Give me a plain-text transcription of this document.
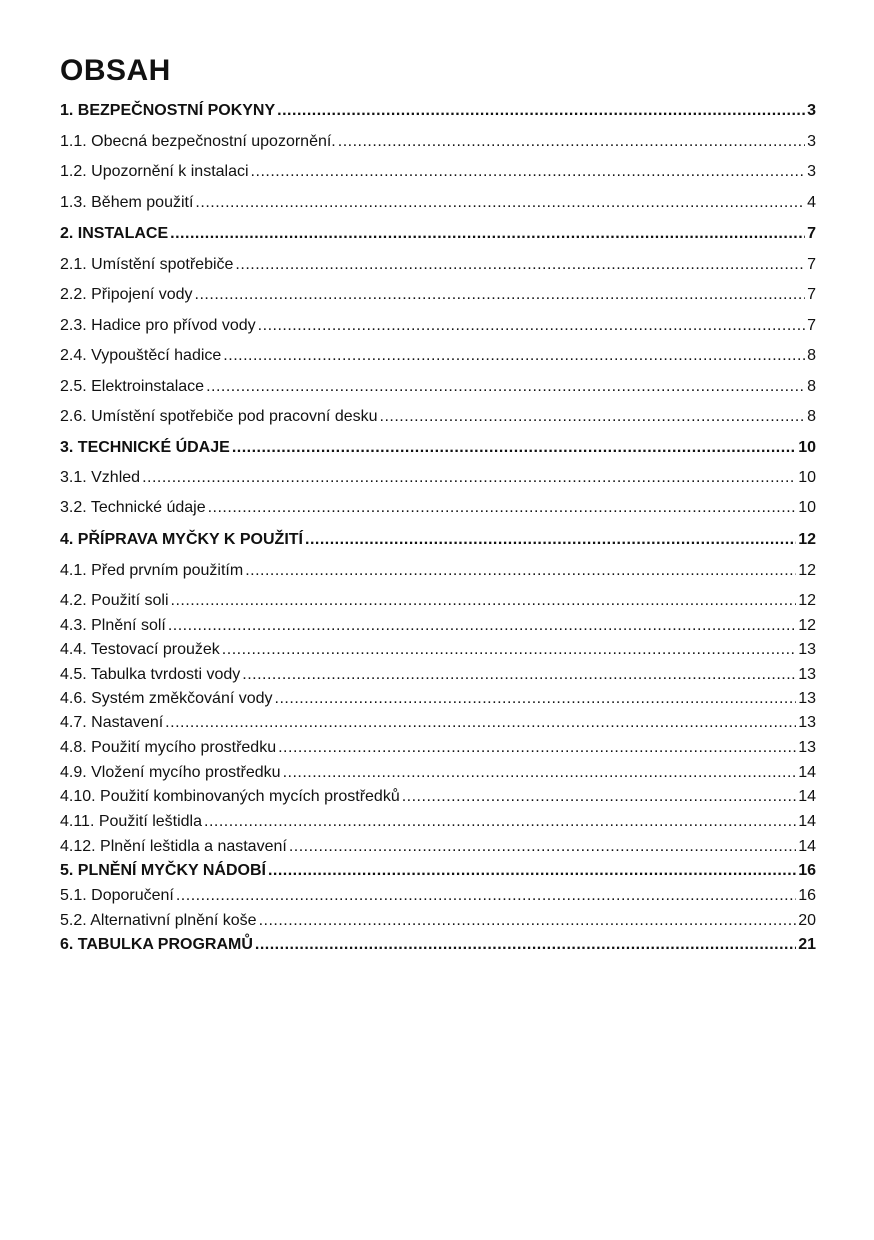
OBSAH
1. BEZPEČNOSTNÍ POKYNY .....	3
1.1. Obecná bezpečnostní upozornění. .....	3
1.2. Upozornění k instalaci .....	3
1.3. Během použití .....	4
2. INSTALACE .....	7
2.1. Umístění spotřebiče .....	7
2.2. Připojení vody .....	7
2.3. Hadice pro přívod vody .....	7
2.4. Vypouštěcí hadice .....	8
2.5. Elektroinstalace .....	8
2.6. Umístění spotřebiče pod pracovní desku .....	8
3. TECHNICKÉ ÚDAJE .....	10
3.1. Vzhled .....	10
3.2. Technické údaje .....	10
4. PŘÍPRAVA MYČKY K POUŽITÍ .....	12
4.1. Před prvním použitím .....	12
4.2. Použití soli .....	12
4.3. Plnění solí .....	12
4.4. Testovací proužek .....	13
4.5. Tabulka tvrdosti vody .....	13
4.6. Systém změkčování vody .....	13
4.7. Nastavení .....	13
4.8. Použití mycího prostředku .....	13
4.9. Vložení mycího prostředku .....	14
4.10. Použití kombinovaných mycích prostředků .....	14
4.11. Použití leštidla .....	14
4.12. Plnění leštidla a nastavení .....	14
5. PLNĚNÍ MYČKY NÁDOBÍ .....	16
5.1. Doporučení .....	16
5.2. Alternativní plnění koše .....	20
6. TABULKA PROGRAMŮ .....	21
